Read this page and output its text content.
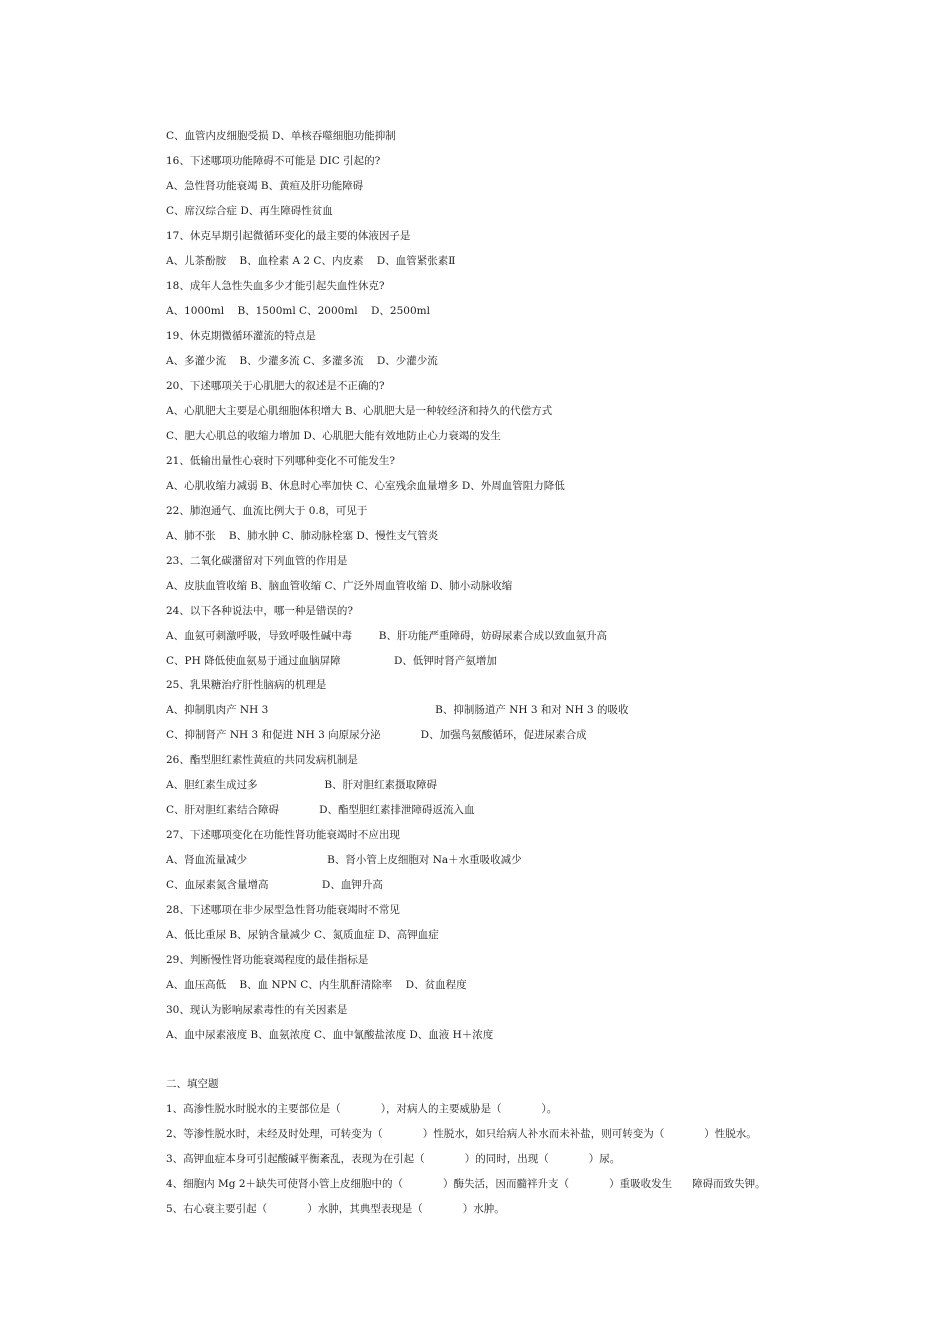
C、血管内皮细胞受损 D、单核吞噬细胞功能抑制
16、下述哪项功能障碍不可能是 DIC 引起的?
A、急性肾功能衰竭 B、黄疸及肝功能障碍
C、席汉综合症 D、再生障碍性贫血
17、休克早期引起微循环变化的最主要的体液因子是
A、儿茶酚胺    B、血栓素 A 2 C、内皮素    D、血管紧张素Ⅱ
18、成年人急性失血多少才能引起失血性休克?
A、1000ml    B、1500ml C、2000ml    D、2500ml
19、休克期微循环灌流的特点是
A、多灌少流    B、少灌多流 C、多灌多流    D、少灌少流
20、下述哪项关于心肌肥大的叙述是不正确的?
A、心肌肥大主要是心肌细胞体积增大 B、心肌肥大是一种较经济和持久的代偿方式
C、肥大心肌总的收缩力增加 D、心肌肥大能有效地防止心力衰竭的发生
21、低输出量性心衰时下列哪种变化不可能发生?
A、心肌收缩力减弱 B、休息时心率加快 C、心室残余血量增多 D、外周血管阻力降低
22、肺泡通气、血流比例大于 0.8，可见于
A、肺不张    B、肺水肿 C、肺动脉栓塞 D、慢性支气管炎
23、二氧化碳潴留对下列血管的作用是
A、皮肤血管收缩 B、脑血管收缩 C、广泛外周血管收缩 D、肺小动脉收缩
24、以下各种说法中，哪一种是错误的?
A、血氨可刺激呼吸，导致呼吸性碱中毒        B、肝功能严重障碍，妨碍尿素合成以致血氨升高
C、PH 降低使血氨易于通过血脑屏障                D、低钾时肾产氨增加
25、乳果糖治疗肝性脑病的机理是
A、抑制肌肉产 NH 3                                                  B、抑制肠道产 NH 3 和对 NH 3 的吸收
C、抑制肾产 NH 3 和促进 NH 3 向原尿分泌            D、加强鸟氨酸循环，促进尿素合成
26、酯型胆红素性黄疸的共同发病机制是
A、胆红素生成过多                    B、肝对胆红素摄取障碍
C、肝对胆红素结合障碍            D、酯型胆红素排泄障碍返流入血
27、下述哪项变化在功能性肾功能衰竭时不应出现
A、肾血流量减少                        B、肾小管上皮细胞对 Na＋水重吸收减少
C、血尿素氮含量增高                D、血钾升高
28、下述哪项在非少尿型急性肾功能衰竭时不常见
A、低比重尿 B、尿钠含量减少 C、氮质血症 D、高钾血症
29、判断慢性肾功能衰竭程度的最佳指标是
A、血压高低    B、血 NPN C、内生肌酐清除率    D、贫血程度
30、现认为影响尿素毒性的有关因素是
A、血中尿素液度 B、血氨浓度 C、血中氰酸盐浓度 D、血液 H＋浓度
二、填空题
1、高渗性脱水时脱水的主要部位是（            ），对病人的主要威胁是（            ）。
2、等渗性脱水时，未经及时处理，可转变为（            ）性脱水，如只给病人补水而未补盐，则可转变为（            ）性脱水。
3、高钾血症本身可引起酸碱平衡紊乱，表现为在引起（            ）的同时，出现（            ）尿。
4、细胞内 Mg 2＋缺失可使肾小管上皮细胞中的（            ）酶失活，因而髓袢升支（            ）重吸收发生      障碍而致失钾。
5、右心衰主要引起（            ）水肿，其典型表现是（            ）水肿。
